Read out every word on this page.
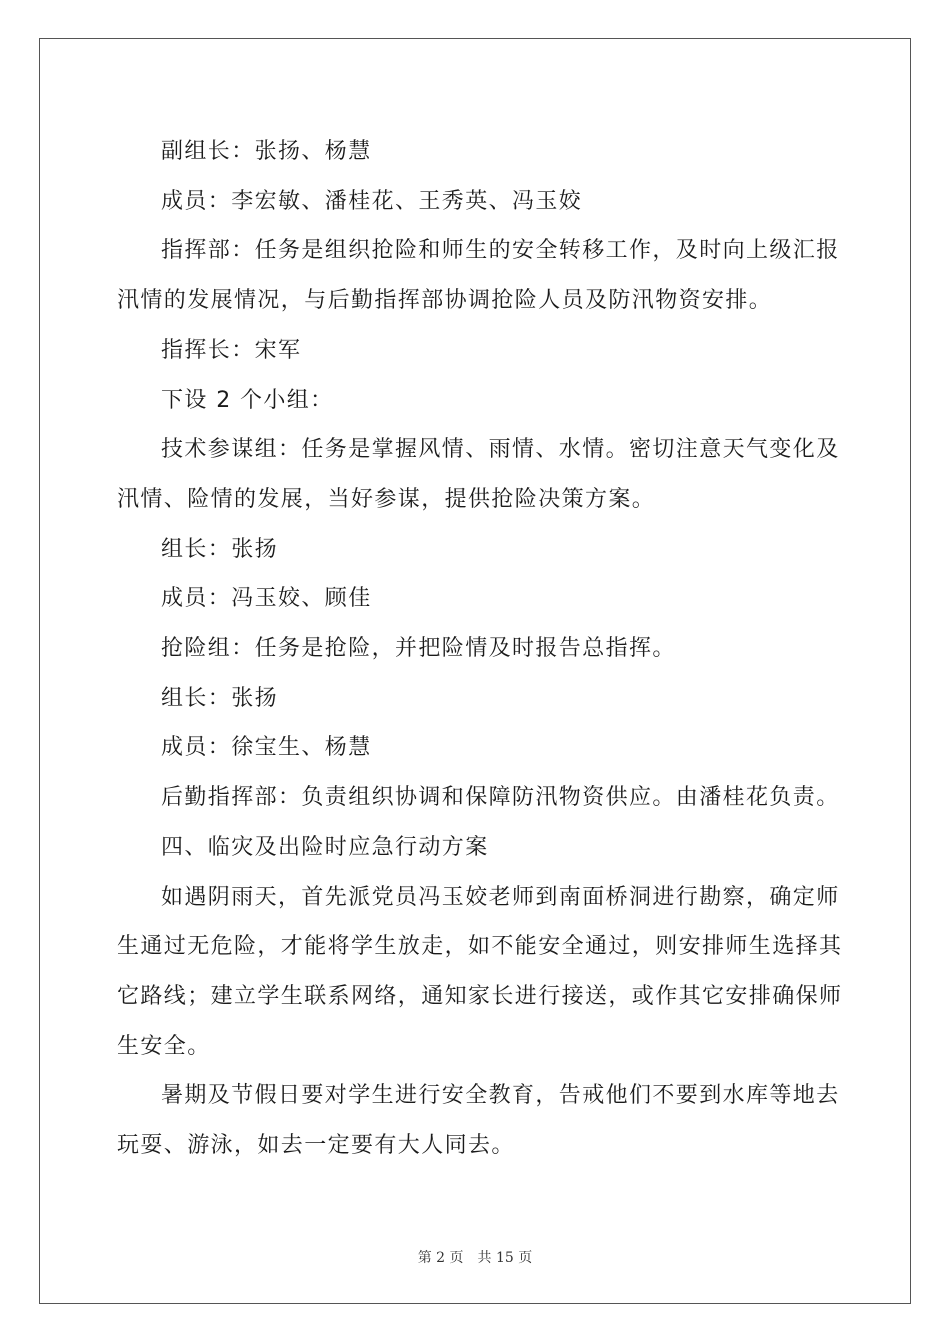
副组长：张扬、杨慧

成员：李宏敏、潘桂花、王秀英、冯玉姣

指挥部：任务是组织抢险和师生的安全转移工作，及时向上级汇报汛情的发展情况，与后勤指挥部协调抢险人员及防汛物资安排。

指挥长：宋军

下设 2 个小组：

技术参谋组：任务是掌握风情、雨情、水情。密切注意天气变化及汛情、险情的发展，当好参谋，提供抢险决策方案。

组长：张扬

成员：冯玉姣、顾佳

抢险组：任务是抢险，并把险情及时报告总指挥。

组长：张扬

成员：徐宝生、杨慧

后勤指挥部：负责组织协调和保障防汛物资供应。由潘桂花负责。

四、临灾及出险时应急行动方案

如遇阴雨天，首先派党员冯玉姣老师到南面桥洞进行勘察，确定师生通过无危险，才能将学生放走，如不能安全通过，则安排师生选择其它路线；建立学生联系网络，通知家长进行接送，或作其它安排确保师生安全。

暑期及节假日要对学生进行安全教育，告戒他们不要到水库等地去玩耍、游泳，如去一定要有大人同去。

第 2 页 共 15 页
